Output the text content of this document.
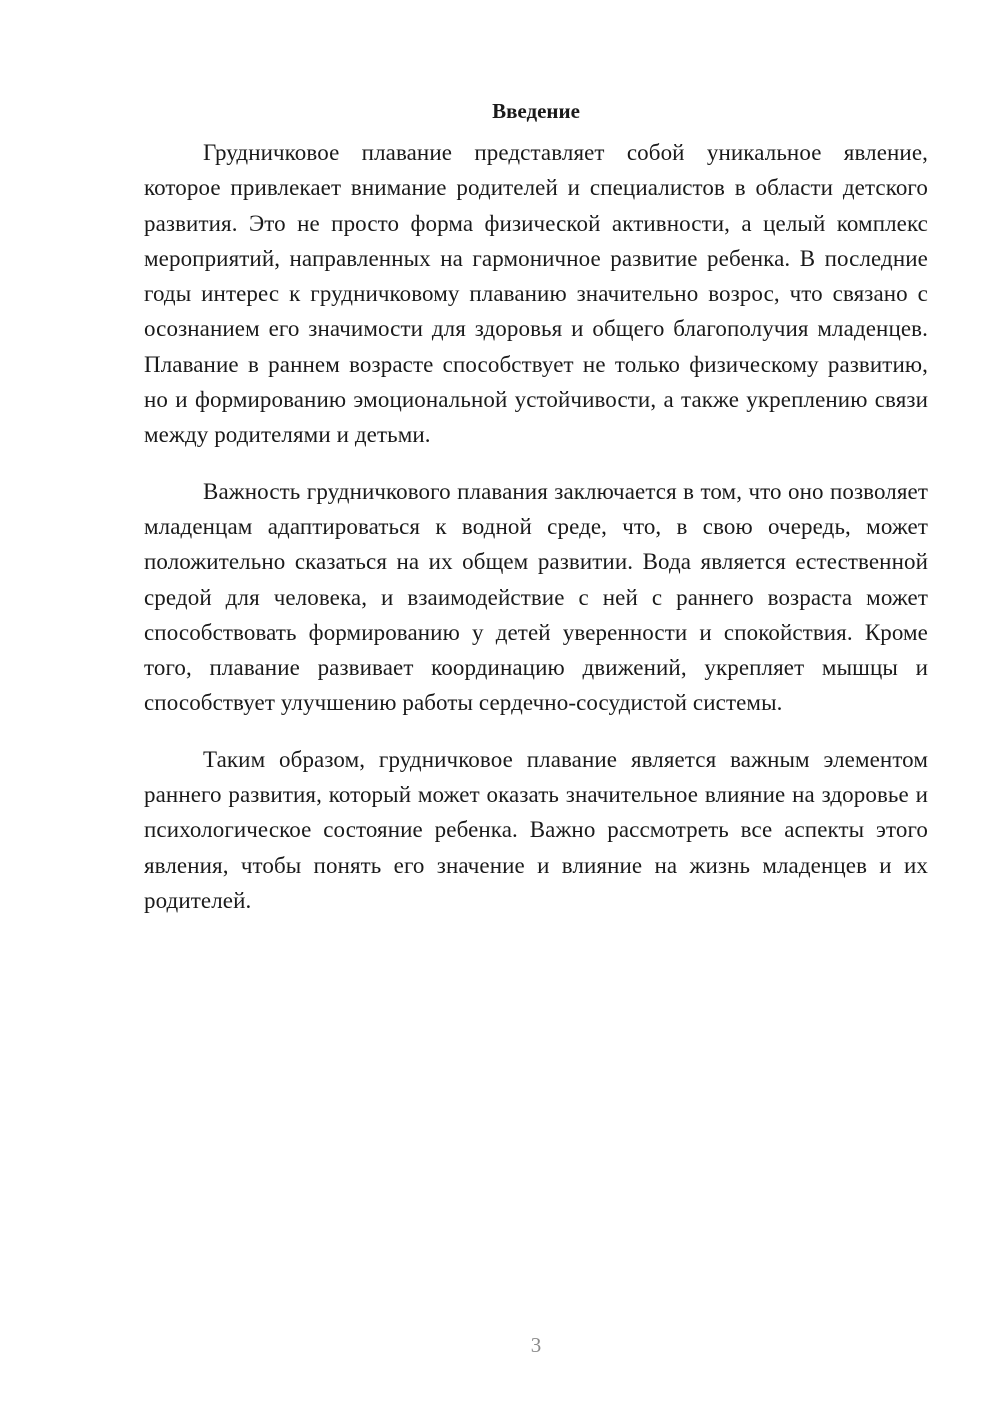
Введение

Грудничковое плавание представляет собой уникальное явление, которое привлекает внимание родителей и специалистов в области детского развития. Это не просто форма физической активности, а целый комплекс мероприятий, направленных на гармоничное развитие ребенка. В последние годы интерес к грудничковому плаванию значительно возрос, что связано с осознанием его значимости для здоровья и общего благополучия младенцев. Плавание в раннем возрасте способствует не только физическому развитию, но и формированию эмоциональной устойчивости, а также укреплению связи между родителями и детьми.

Важность грудничкового плавания заключается в том, что оно позволяет младенцам адаптироваться к водной среде, что, в свою очередь, может положительно сказаться на их общем развитии. Вода является естественной средой для человека, и взаимодействие с ней с раннего возраста может способствовать формированию у детей уверенности и спокойствия. Кроме того, плавание развивает координацию движений, укрепляет мышцы и способствует улучшению работы сердечно-сосудистой системы.

Таким образом, грудничковое плавание является важным элементом раннего развития, который может оказать значительное влияние на здоровье и психологическое состояние ребенка. Важно рассмотреть все аспекты этого явления, чтобы понять его значение и влияние на жизнь младенцев и их родителей.

3
